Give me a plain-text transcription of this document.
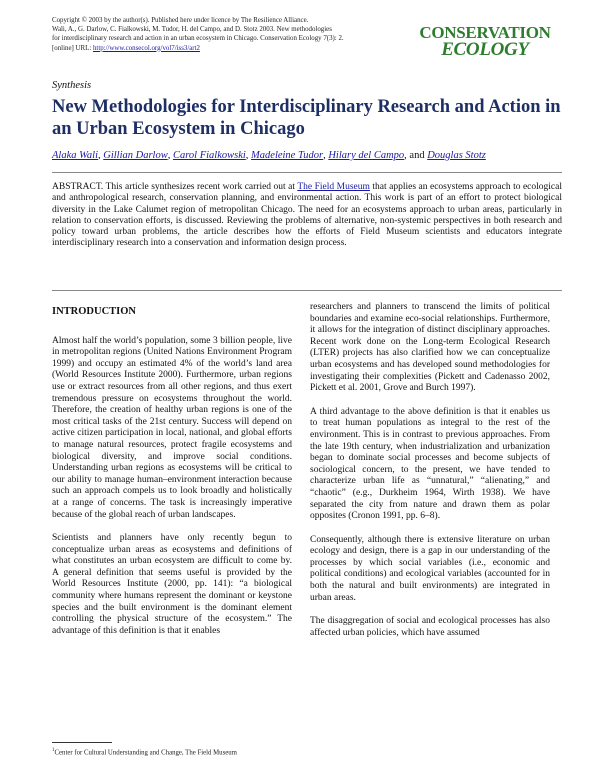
Copyright © 2003 by the author(s). Published here under licence by The Resilience Alliance.
Wali, A., G. Darlow, C. Fialkowski, M. Tudor, H. del Campo, and D. Stotz 2003. New methodologies
for interdisciplinary research and action in an urban ecosystem in Chicago. Conservation Ecology 7(3): 2.
[online] URL: http://www.consecol.org/vol7/iss3/art2
CONSERVATION
ECOLOGY
Synthesis
New Methodologies for Interdisciplinary Research and Action in an Urban Ecosystem in Chicago
Alaka Wali, Gillian Darlow, Carol Fialkowski, Madeleine Tudor, Hilary del Campo, and Douglas Stotz
ABSTRACT. This article synthesizes recent work carried out at The Field Museum that applies an ecosystems approach to ecological and anthropological research, conservation planning, and environmental action. This work is part of an effort to protect biological diversity in the Lake Calumet region of metropolitan Chicago. The need for an ecosystems approach to urban areas, particularly in relation to conservation efforts, is discussed. Reviewing the problems of alternative, non-systemic perspectives in both research and policy toward urban problems, the article describes how the efforts of Field Museum scientists and educators integrate interdisciplinary research into a conservation and information design process.
INTRODUCTION

Almost half the world’s population, some 3 billion people, live in metropolitan regions (United Nations Environment Program 1999) and occupy an estimated 4% of the world’s land area (World Resources Institute 2000). Furthermore, urban regions use or extract resources from all other regions, and thus exert tremendous pressure on ecosystems throughout the world. Therefore, the creation of healthy urban regions is one of the most critical tasks of the 21st century. Success will depend on active citizen participation in local, national, and global efforts to manage natural resources, protect fragile ecosystems and biological diversity, and improve social conditions. Understanding urban regions as ecosystems will be critical to our ability to manage human–environment interaction because such an approach compels us to look broadly and holistically at a range of concerns. The task is increasingly imperative because of the global reach of urban landscapes.

Scientists and planners have only recently begun to conceptualize urban areas as ecosystems and definitions of what constitutes an urban ecosystem are difficult to come by. A general definition that seems useful is provided by the World Resources Institute (2000, pp. 141): “a biological community where humans represent the dominant or keystone species and the built environment is the dominant element controlling the physical structure of the ecosystem.” The advantage of this definition is that it enables

researchers and planners to transcend the limits of political boundaries and examine eco-social relationships. Furthermore, it allows for the integration of distinct disciplinary approaches. Recent work done on the Long-term Ecological Research (LTER) projects has also clarified how we can conceptualize urban ecosystems and has developed sound methodologies for investigating their complexities (Pickett and Cadenasso 2002, Pickett et al. 2001, Grove and Burch 1997).

A third advantage to the above definition is that it enables us to treat human populations as integral to the rest of the environment. This is in contrast to previous approaches. From the late 19th century, when industrialization and urbanization began to dominate social processes and become subjects of sociological concern, to the present, we have tended to characterize urban life as “unnatural,” “alienating,” and “chaotic” (e.g., Durkheim 1964, Wirth 1938). We have separated the city from nature and drawn them as polar opposites (Cronon 1991, pp. 6–8).

Consequently, although there is extensive literature on urban ecology and design, there is a gap in our understanding of the processes by which social variables (i.e., economic and political conditions) and ecological variables (accounted for in both the natural and built environments) are integrated in urban areas.

The disaggregation of social and ecological processes has also affected urban policies, which have assumed

$^1$Center for Cultural Understanding and Change, The Field Museum
